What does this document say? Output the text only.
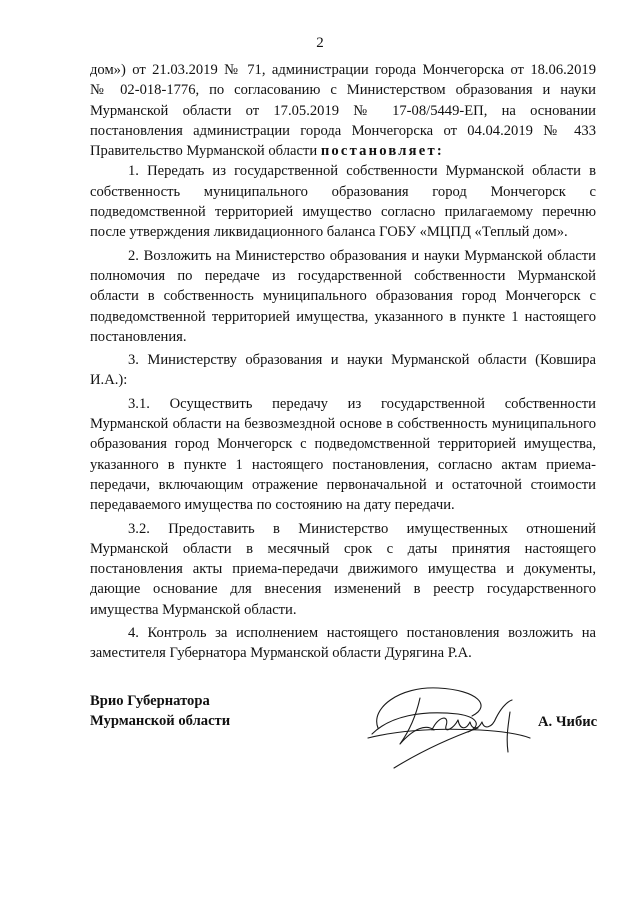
2

дом») от 21.03.2019 № 71, администрации города Мончегорска от 18.06.2019 № 02-018-1776, по согласованию с Министерством образования и науки Мурманской области от 17.05.2019 № 17-08/5449-ЕП, на основании постановления администрации города Мончегорска от 04.04.2019 № 433 Правительство Мурманской области постановляет:

1. Передать из государственной собственности Мурманской области в собственность муниципального образования город Мончегорск с подведомственной территорией имущество согласно прилагаемому перечню после утверждения ликвидационного баланса ГОБУ «МЦПД «Теплый дом».

2. Возложить на Министерство образования и науки Мурманской области полномочия по передаче из государственной собственности Мурманской области в собственность муниципального образования город Мончегорск с подведомственной территорией имущества, указанного в пункте 1 настоящего постановления.

3. Министерству образования и науки Мурманской области (Ковшира И.А.):

3.1. Осуществить передачу из государственной собственности Мурманской области на безвозмездной основе в собственность муниципального образования город Мончегорск с подведомственной территорией имущества, указанного в пункте 1 настоящего постановления, согласно актам приема-передачи, включающим отражение первоначальной и остаточной стоимости передаваемого имущества по состоянию на дату передачи.

3.2. Предоставить в Министерство имущественных отношений Мурманской области в месячный срок с даты принятия настоящего постановления акты приема-передачи движимого имущества и документы, дающие основание для внесения изменений в реестр государственного имущества Мурманской области.

4. Контроль за исполнением настоящего постановления возложить на заместителя Губернатора Мурманской области Дурягина Р.А.

Врио Губернатора
Мурманской области	А. Чибис
